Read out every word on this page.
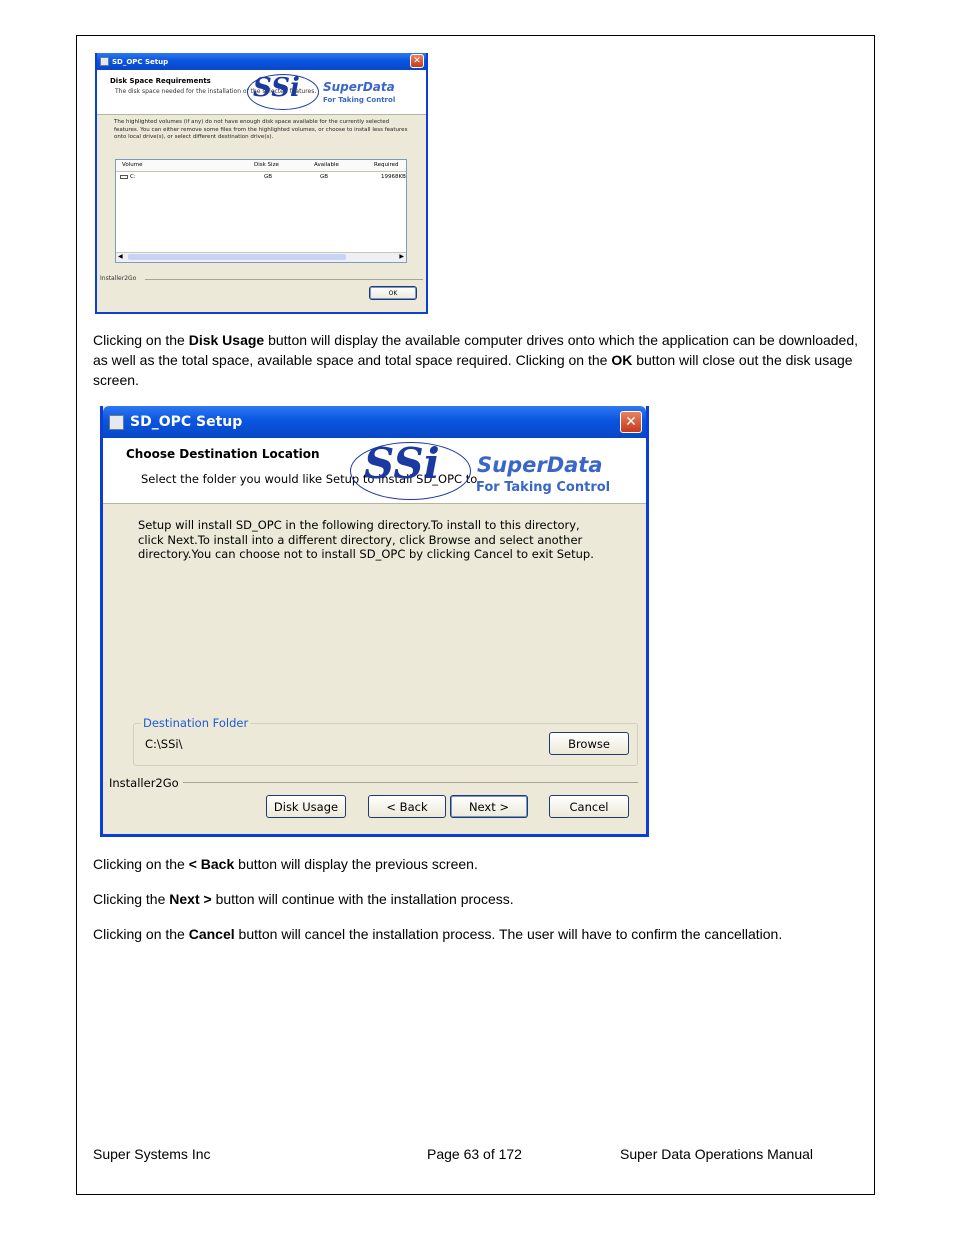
SD_OPC Setup	✕
Disk Space Requirements
The disk space needed for the installation of the selected features.
SSi SuperData
For Taking Control
The highlighted volumes (if any) do not have enough disk space available for the currently selected features. You can either remove some files from the highlighted volumes, or choose to install less features onto local drive(s), or select different destination drive(s).
Volume	Disk Size	Available	Required
C:	GB	GB	19968KB
◀	▶
Installer2Go
OK
Clicking on the Disk Usage button will display the available computer drives onto which the application can be downloaded, as well as the total space, available space and total space required. Clicking on the OK button will close out the disk usage screen.
SD_OPC Setup	✕
Choose Destination Location
Select the folder you would like Setup to install SD_OPC to.
SSi SuperData
For Taking Control
Setup will install SD_OPC in the following directory.To install to this directory, click Next.To install into a different directory, click Browse and select another directory.You can choose not to install SD_OPC by clicking Cancel to exit Setup.
Destination Folder
C:\SSi\	Browse
Installer2Go
Disk Usage	< Back	Next >	Cancel
Clicking on the < Back button will display the previous screen.
Clicking the Next > button will continue with the installation process.
Clicking on the Cancel button will cancel the installation process. The user will have to confirm the cancellation.
Super Systems Inc	Page 63 of 172	Super Data Operations Manual
